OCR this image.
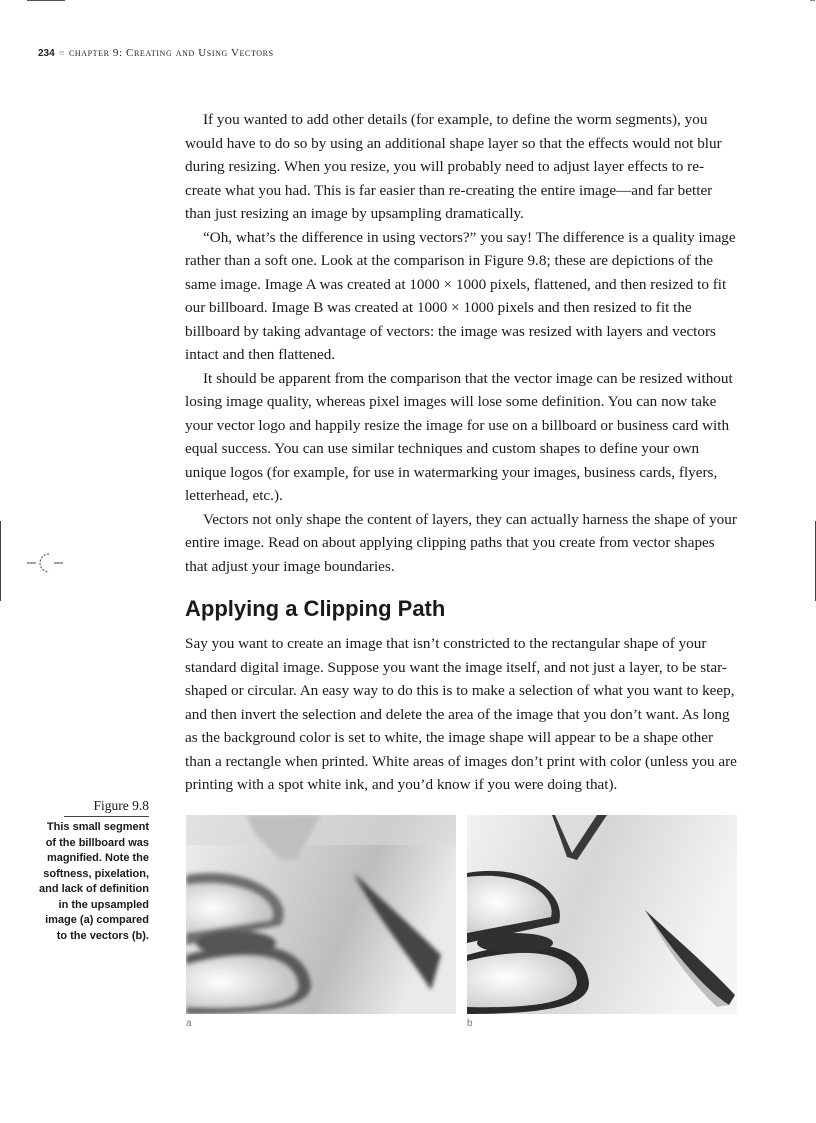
234 ≡ chapter 9: Creating and Using Vectors

If you wanted to add other details (for example, to define the worm segments), you would have to do so by using an additional shape layer so that the effects would not blur during resizing. When you resize, you will probably need to adjust layer effects to re-create what you had. This is far easier than re-creating the entire image—and far better than just resizing an image by upsampling dramatically.

“Oh, what’s the difference in using vectors?” you say! The difference is a quality image rather than a soft one. Look at the comparison in Figure 9.8; these are depictions of the same image. Image A was created at 1000 × 1000 pixels, flattened, and then resized to fit our billboard. Image B was created at 1000 × 1000 pixels and then resized to fit the billboard by taking advantage of vectors: the image was resized with layers and vectors intact and then flattened.

It should be apparent from the comparison that the vector image can be resized without losing image quality, whereas pixel images will lose some definition. You can now take your vector logo and happily resize the image for use on a billboard or business card with equal success. You can use similar techniques and custom shapes to define your own unique logos (for example, for use in watermarking your images, business cards, flyers, letterhead, etc.).

Vectors not only shape the content of layers, they can actually harness the shape of your entire image. Read on about applying clipping paths that you create from vector shapes that adjust your image boundaries.

Applying a Clipping Path

Say you want to create an image that isn’t constricted to the rectangular shape of your standard digital image. Suppose you want the image itself, and not just a layer, to be star-shaped or circular. An easy way to do this is to make a selection of what you want to keep, and then invert the selection and delete the area of the image that you don’t want. As long as the background color is set to white, the image shape will appear to be a shape other than a rectangle when printed. White areas of images don’t print with color (unless you are printing with a spot white ink, and you’d know if you were doing that).

Figure 9.8
This small segment of the billboard was magnified. Note the softness, pixelation, and lack of definition in the upsampled image (a) compared to the vectors (b).
a	b
